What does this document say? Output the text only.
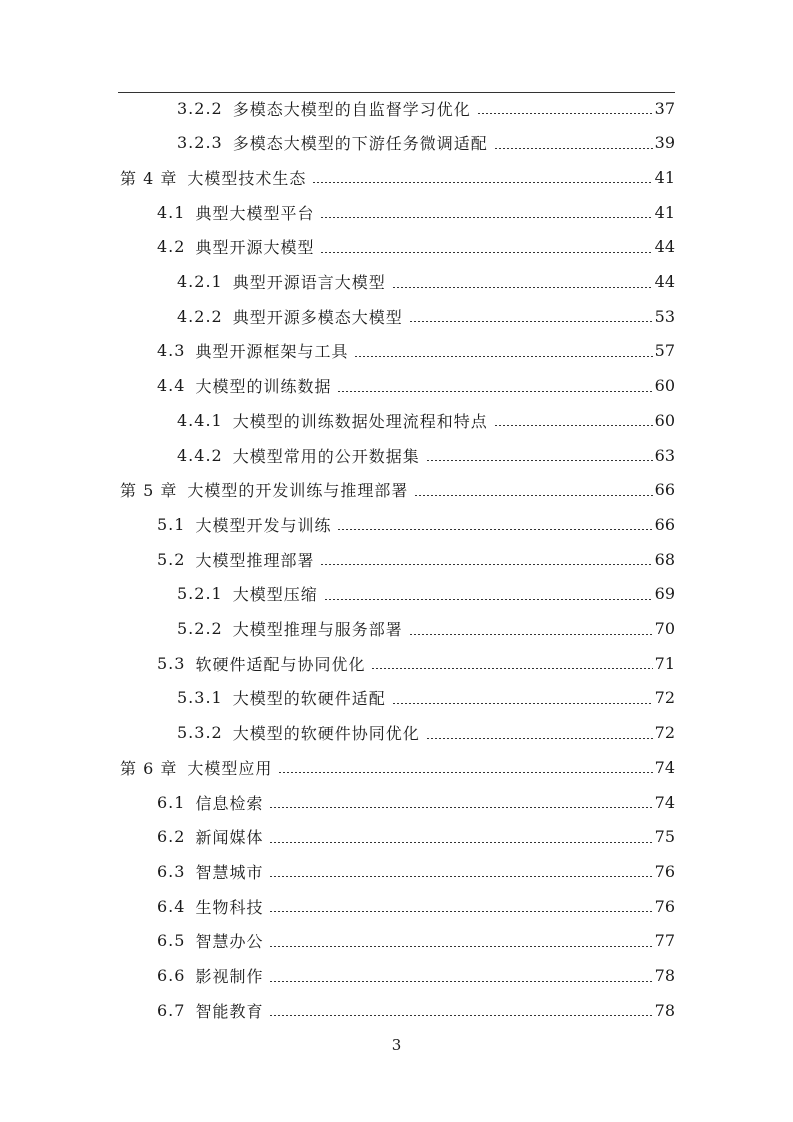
3.2.2 多模态大模型的自监督学习优化	37
3.2.3 多模态大模型的下游任务微调适配	39
第 4 章 大模型技术生态	41
4.1 典型大模型平台	41
4.2 典型开源大模型	44
4.2.1 典型开源语言大模型	44
4.2.2 典型开源多模态大模型	53
4.3 典型开源框架与工具	57
4.4 大模型的训练数据	60
4.4.1 大模型的训练数据处理流程和特点	60
4.4.2 大模型常用的公开数据集	63
第 5 章 大模型的开发训练与推理部署	66
5.1 大模型开发与训练	66
5.2 大模型推理部署	68
5.2.1 大模型压缩	69
5.2.2 大模型推理与服务部署	70
5.3 软硬件适配与协同优化	71
5.3.1 大模型的软硬件适配	72
5.3.2 大模型的软硬件协同优化	72
第 6 章 大模型应用	74
6.1 信息检索	74
6.2 新闻媒体	75
6.3 智慧城市	76
6.4 生物科技	76
6.5 智慧办公	77
6.6 影视制作	78
6.7 智能教育	78
3
